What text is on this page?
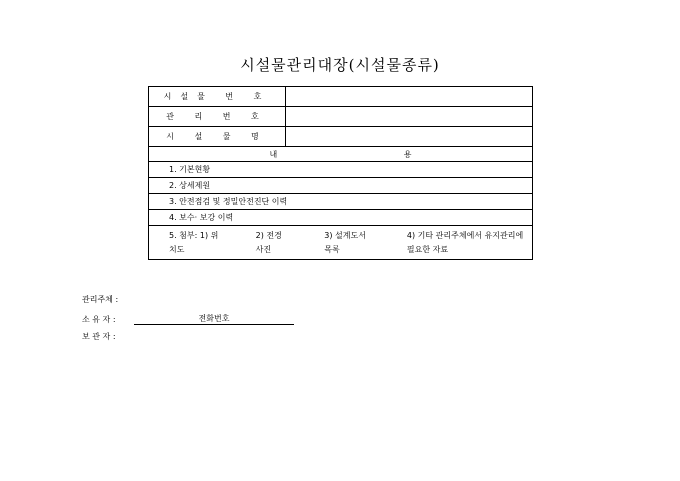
시설물관리대장(시설물종류)
시설물 번 호
관 리 번 호
시 설 물 명
내 용
1. 기본현황
2. 상세제원
3. 안전점검 및 정밀안전진단 이력
4. 보수· 보강 이력
5. 첨부: 1) 위치도
2) 전경사진
3) 설계도서 목록
4) 기타 관리주체에서 유지관리에 필요한 자료
관리주체 :
소 유 자 :	전화번호
보 관 자 :
